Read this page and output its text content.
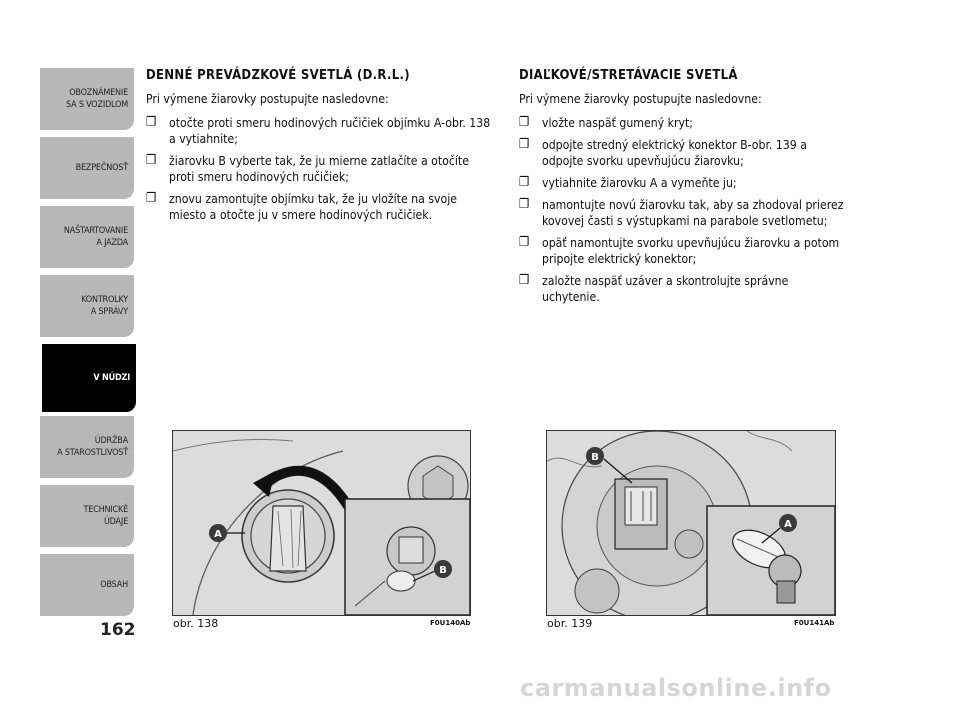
OBOZNÁMENIE
SA S VOZIDLOM
BEZPEČNOSŤ
NAŠTARTOVANIE
A JAZDA
KONTROLKY
A SPRÁVY
V NÚDZI
ÚDRŽBA
A STAROSTLIVOSŤ
TECHNICKÉ
ÚDAJE
OBSAH
162
DENNÉ PREVÁDZKOVÉ SVETLÁ (D.R.L.)

Pri výmene žiarovky postupujte nasledovne:

❐ otočte proti smeru hodinových ručičiek objímku A-obr. 138 a vytiahnite;
❐ žiarovku B vyberte tak, že ju mierne zatlačíte a otočíte proti smeru hodinových ručičiek;
❐ znovu zamontujte objímku tak, že ju vložíte na svoje miesto a otočte ju v smere hodinových ručičiek.
DIAĽKOVÉ/STRETÁVACIE SVETLÁ

Pri výmene žiarovky postupujte nasledovne:

❐ vložte naspäť gumený kryt;
❐ odpojte stredný elektrický konektor B-obr. 139 a odpojte svorku upevňujúcu žiarovku;
❐ vytiahnite žiarovku A a vymeňte ju;
❐ namontujte novú žiarovku tak, aby sa zhodoval prierez kovovej časti s výstupkami na parabole svetlometu;
❐ opäť namontujte svorku upevňujúcu žiarovku a potom pripojte elektrický konektor;
❐ založte naspäť uzáver a skontrolujte správne uchytenie.
A
B
obr. 138	F0U140Ab
B
A
obr. 139	F0U141Ab
carmanualsonline.info
